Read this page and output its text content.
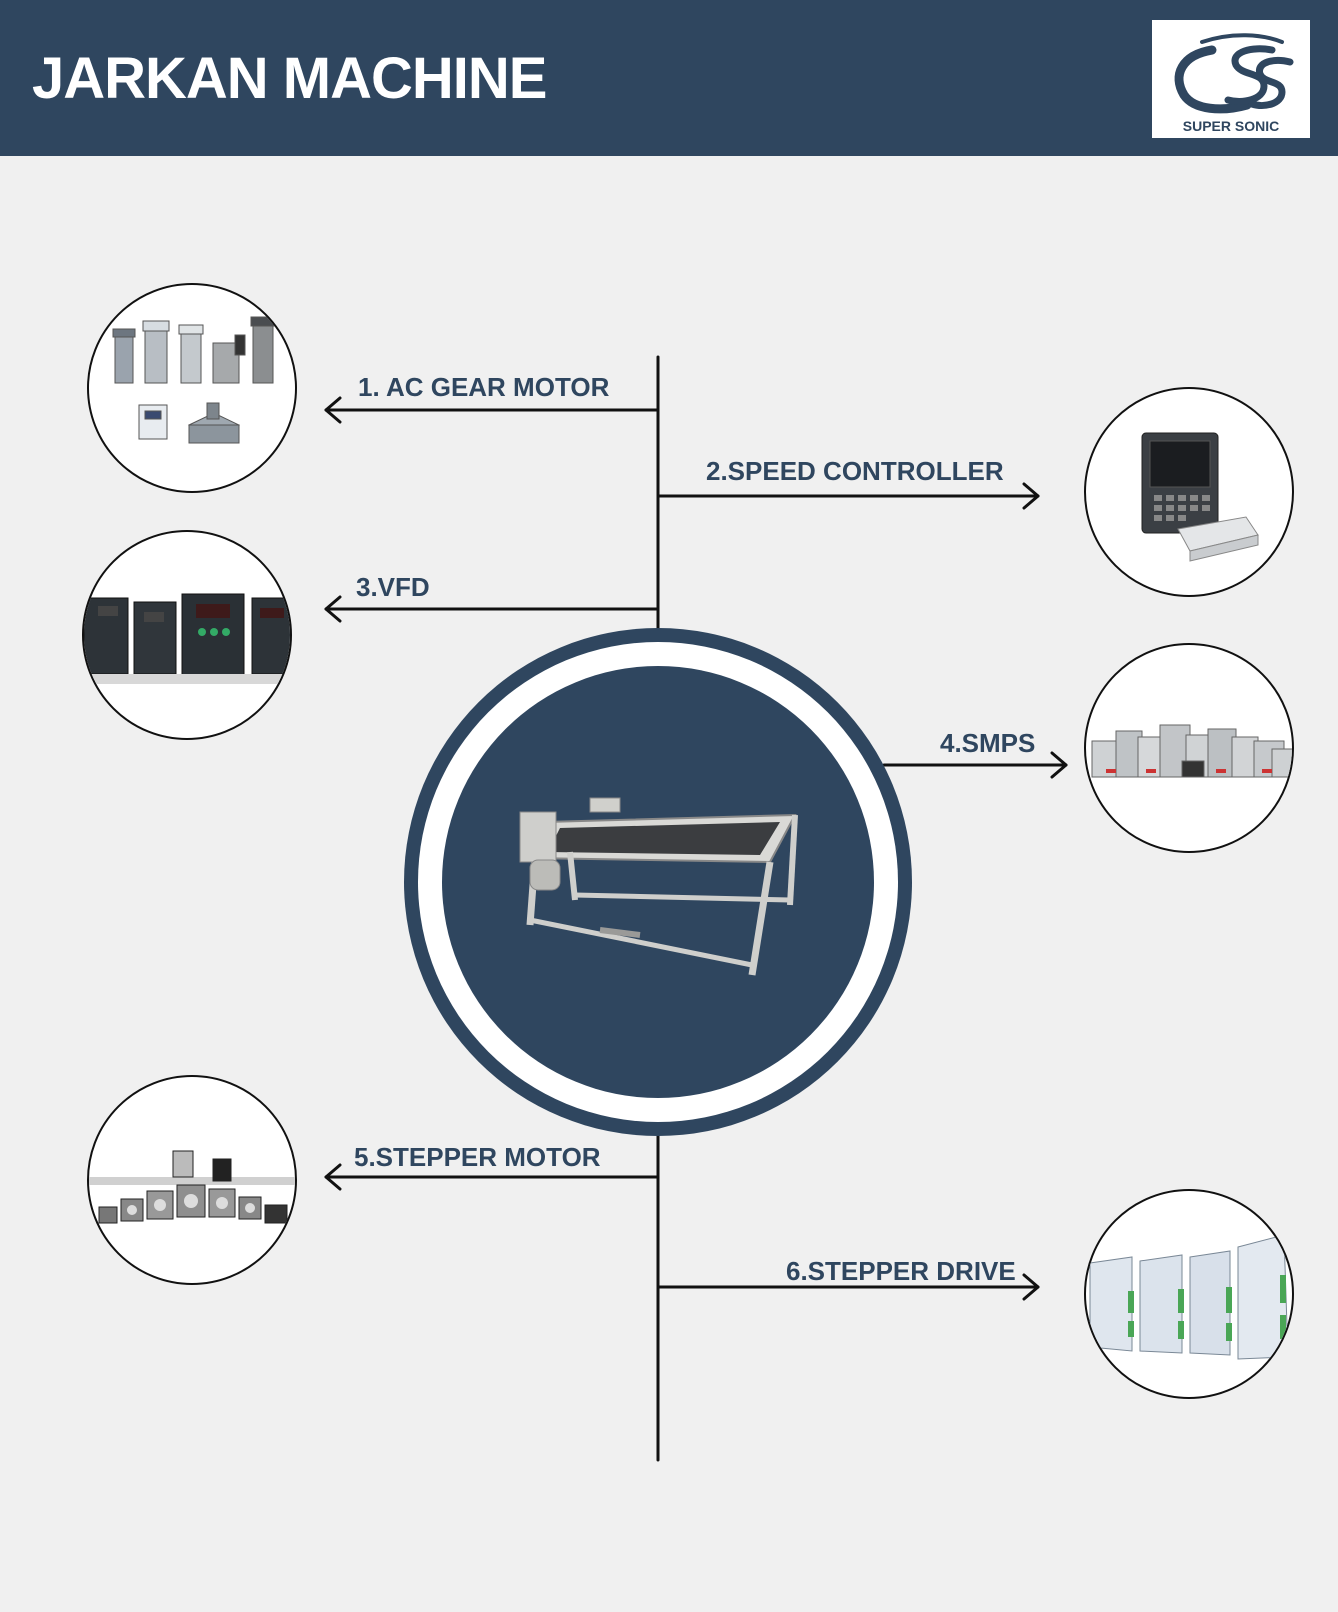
JARKAN MACHINE
SUPER SONIC
1. AC GEAR MOTOR
2.SPEED CONTROLLER
3.VFD
4.SMPS
5.STEPPER MOTOR
6.STEPPER DRIVE
